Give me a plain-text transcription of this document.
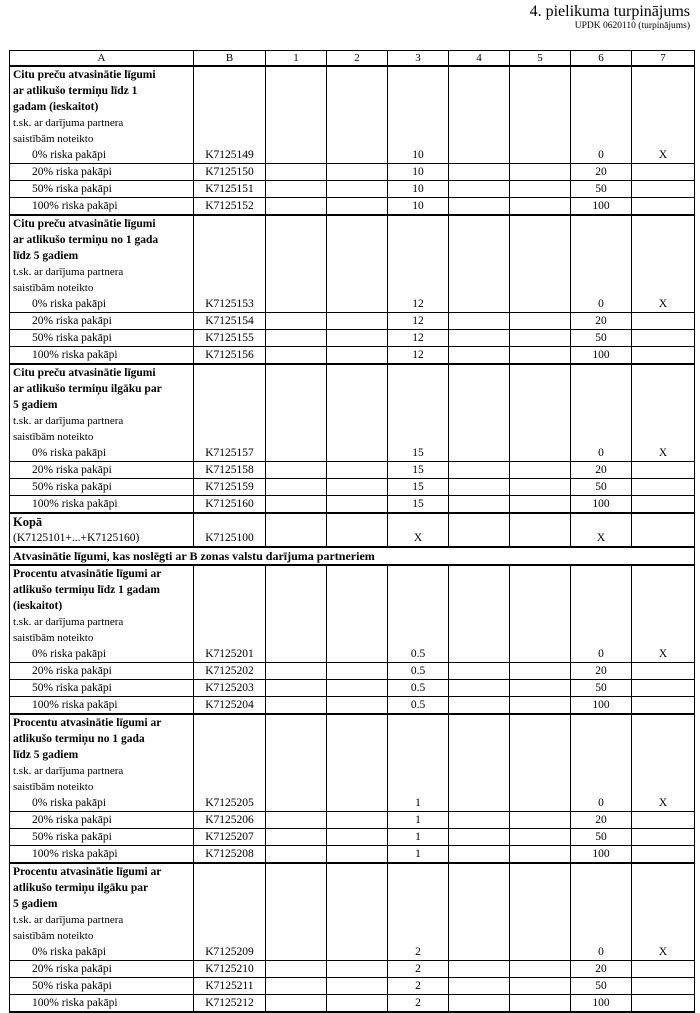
4. pielikuma turpinājums
UPDK 0620110 (turpinājums)
A	B	1	2	3	4	5	6	7
Citu preču atvasinātie līgumi								
ar atlikušo termiņu līdz 1								
gadam (ieskaitot)								
t.sk. ar darījuma partnera								
saistībām noteikto								
0% riska pakāpi	K7125149			10			0	X
20% riska pakāpi	K7125150			10			20	
50% riska pakāpi	K7125151			10			50	
100% riska pakāpi	K7125152			10			100	
Citu preču atvasinātie līgumi								
ar atlikušo termiņu no 1 gada								
līdz 5 gadiem								
t.sk. ar darījuma partnera								
saistībām noteikto								
0% riska pakāpi	K7125153			12			0	X
20% riska pakāpi	K7125154			12			20	
50% riska pakāpi	K7125155			12			50	
100% riska pakāpi	K7125156			12			100	
Citu preču atvasinātie līgumi								
ar atlikušo termiņu ilgāku par								
5 gadiem								
t.sk. ar darījuma partnera								
saistībām noteikto								
0% riska pakāpi	K7125157			15			0	X
20% riska pakāpi	K7125158			15			20	
50% riska pakāpi	K7125159			15			50	
100% riska pakāpi	K7125160			15			100	
Kopā								
(K7125101+...+K7125160)	K7125100			X			X	
Atvasinātie līgumi, kas noslēgti ar B zonas valstu darījuma partneriem								
Procentu atvasinātie līgumi ar								
atlikušo termiņu līdz 1 gadam								
(ieskaitot)								
t.sk. ar darījuma partnera								
saistībām noteikto								
0% riska pakāpi	K7125201			0.5			0	X
20% riska pakāpi	K7125202			0.5			20	
50% riska pakāpi	K7125203			0.5			50	
100% riska pakāpi	K7125204			0.5			100	
Procentu atvasinātie līgumi ar								
atlikušo termiņu no 1 gada								
līdz 5 gadiem								
t.sk. ar darījuma partnera								
saistībām noteikto								
0% riska pakāpi	K7125205			1			0	X
20% riska pakāpi	K7125206			1			20	
50% riska pakāpi	K7125207			1			50	
100% riska pakāpi	K7125208			1			100	
Procentu atvasinātie līgumi ar								
atlikušo termiņu ilgāku par								
5 gadiem								
t.sk. ar darījuma partnera								
saistībām noteikto								
0% riska pakāpi	K7125209			2			0	X
20% riska pakāpi	K7125210			2			20	
50% riska pakāpi	K7125211			2			50	
100% riska pakāpi	K7125212			2			100	
